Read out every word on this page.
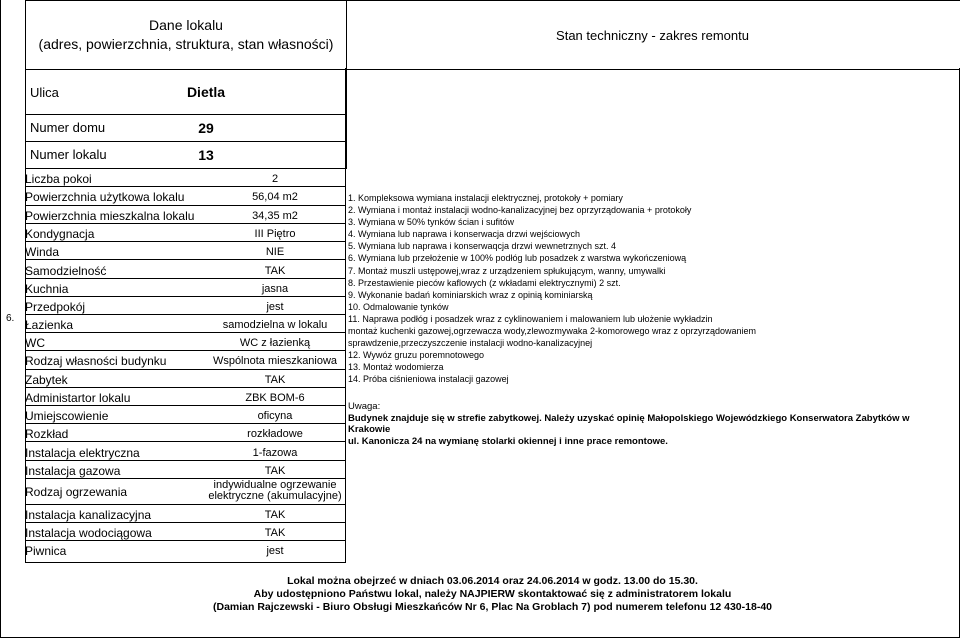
Dane lokalu
(adres, powierzchnia, struktura, stan własności)
Stan techniczny - zakres remontu
6.
Ulica	Dietla
Numer domu	29
Numer lokalu	13
Liczba pokoi	2
Powierzchnia użytkowa lokalu	56,04 m2
Powierzchnia mieszkalna lokalu	34,35 m2
Kondygnacja	III Piętro
Winda	NIE
Samodzielność	TAK
Kuchnia	jasna
Przedpokój	jest
Łazienka	samodzielna w lokalu
WC	WC z łazienką
Rodzaj własności budynku	Wspólnota mieszkaniowa
Zabytek	TAK
Administartor lokalu	ZBK BOM-6
Umiejscowienie	oficyna
Rozkład	rozkładowe
Instalacja elektryczna	1-fazowa
Instalacja gazowa	TAK
Rodzaj ogrzewania	indywidualne ogrzewanie
elektryczne (akumulacyjne)
Instalacja kanalizacyjna	TAK
Instalacja wodociągowa	TAK
Piwnica	jest
1. Kompleksowa wymiana instalacji elektrycznej, protokoły + pomiary
2. Wymiana i montaż instalacji wodno-kanalizacyjnej bez oprzyrządowania + protokoły
3. Wymiana w 50% tynków ścian i sufitów
4. Wymiana lub naprawa i konserwacja drzwi wejściowych
5. Wymiana lub naprawa i konserwaqcja drzwi wewnetrznych szt. 4
6. Wymiana lub przełożenie w 100% podłóg lub posadzek z warstwa wykończeniową
7. Montaż muszli ustępowej,wraz z urządzeniem spłukującym, wanny, umywalki
8. Przestawienie pieców kaflowych (z wkładami elektrycznymi) 2 szt.
9. Wykonanie badań kominiarskich wraz z opinią kominiarską
10. Odmalowanie tynków
11. Naprawa podłóg i posadzek wraz z cyklinowaniem i malowaniem lub ułożenie wykładzin
montaż kuchenki gazowej,ogrzewacza wody,zlewozmywaka 2-komorowego wraz z oprzyrządowaniem
sprawdzenie,przeczyszczenie instalacji wodno-kanalizacyjnej
12. Wywóz gruzu poremnotowego
13. Montaż wodomierza
14. Próba ciśnieniowa instalacji gazowej
Uwaga:
Budynek znajduje się w strefie zabytkowej. Należy uzyskać opinię Małopolskiego Wojewódzkiego Konserwatora Zabytków w Krakowie
ul. Kanonicza 24 na wymianę stolarki okiennej i inne prace remontowe.
Lokal można obejrzeć w dniach 03.06.2014 oraz 24.06.2014 w godz. 13.00 do 15.30.
Aby udostępniono Państwu lokal, należy NAJPIERW skontaktować się z administratorem lokalu
(Damian Rajczewski - Biuro Obsługi Mieszkańców Nr 6, Plac Na Groblach 7) pod numerem telefonu 12 430-18-40
